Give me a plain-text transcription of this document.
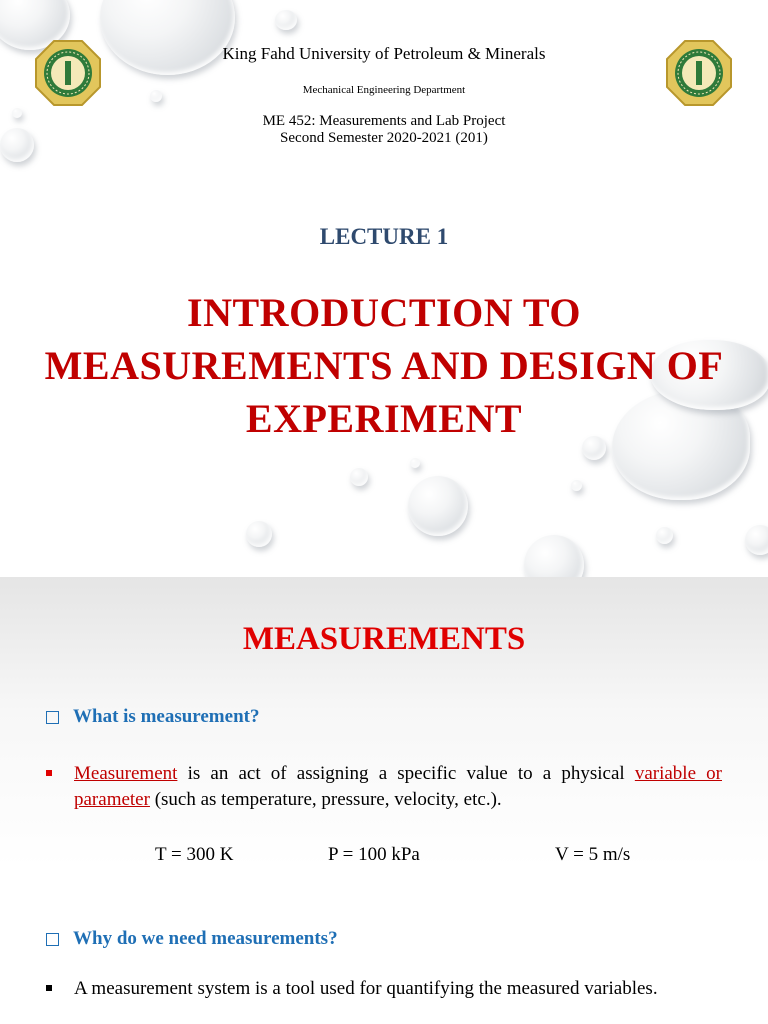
King Fahd University of Petroleum & Minerals
Mechanical Engineering Department
ME 452: Measurements and Lab Project
Second Semester 2020-2021 (201)
LECTURE 1
INTRODUCTION TO
MEASUREMENTS AND DESIGN OF
EXPERIMENT
MEASUREMENTS
What is measurement?
Measurement is an act of assigning a specific value to a physical variable or parameter (such as temperature, pressure, velocity, etc.).
T = 300 K	P = 100 kPa	V = 5 m/s
Why do we need measurements?
A measurement system is a tool used for quantifying the measured variables.
